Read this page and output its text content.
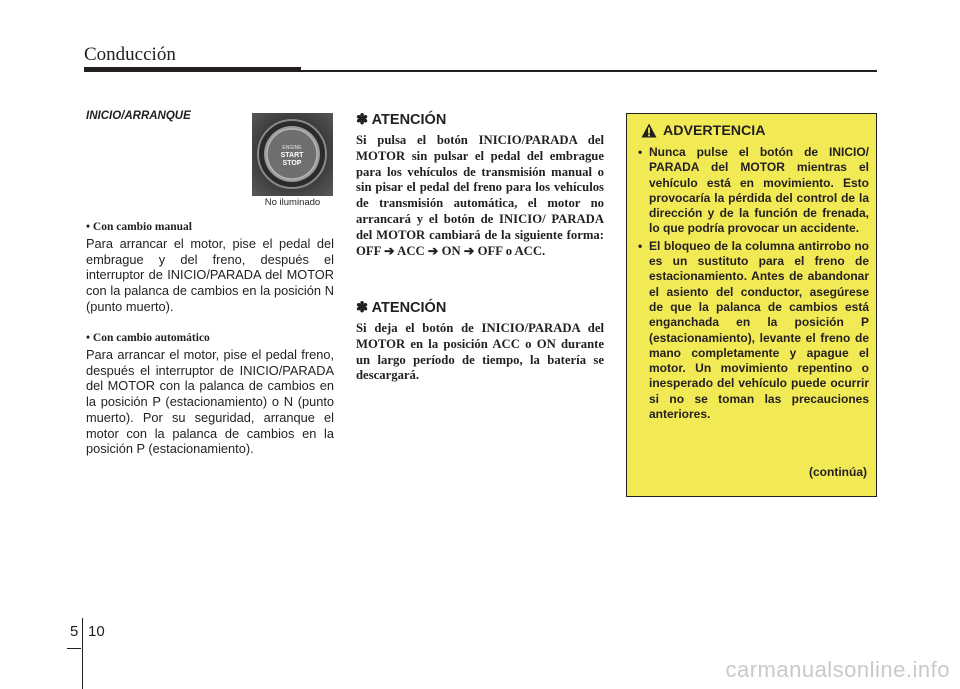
Conducción
INICIO/ARRANQUE
ENGINE
START
STOP
No iluminado
• Con cambio manual
Para arrancar el motor, pise el pedal del embrague y del freno, después el interruptor de INICIO/PARADA del MOTOR con la palanca de cambios en la posición N (punto muerto).
• Con cambio automático
Para arrancar el motor, pise el pedal freno, después el interruptor de INICIO/PARADA del MOTOR con la palanca de cambios en la posición P (estacionamiento) o N (punto muerto). Por su seguridad, arranque el motor con la palanca de cambios en la posición P (estacionamiento).
✽ ATENCIÓN
Si pulsa el botón INICIO/PARADA del MOTOR sin pulsar el pedal del embrague para los vehículos de transmisión manual o sin pisar el pedal del freno para los vehículos de transmisión automática, el motor no arrancará y el botón de INICIO/ PARADA del MOTOR cambiará de la siguiente forma: OFF ➔ ACC ➔ ON ➔ OFF o ACC.
✽ ATENCIÓN
Si deja el botón de INICIO/PARADA del MOTOR en la posición ACC o ON durante un largo período de tiempo, la batería se descargará.
ADVERTENCIA
• Nunca pulse el botón de INICIO/ PARADA del MOTOR mientras el vehículo está en movimiento. Esto provocaría la pérdida del control de la dirección y de la función de frenada, lo que podría provocar un accidente.
• El bloqueo de la columna antirrobo no es un sustituto para el freno de estacionamiento. Antes de abandonar el asiento del conductor, asegúrese de que la palanca de cambios está enganchada en la posición P (estacionamiento), levante el freno de mano completamente y apague el motor. Un movimiento repentino o inesperado del vehículo puede ocurrir si no se toman las precauciones anteriores.
(continúa)
5 10
carmanualsonline.info
